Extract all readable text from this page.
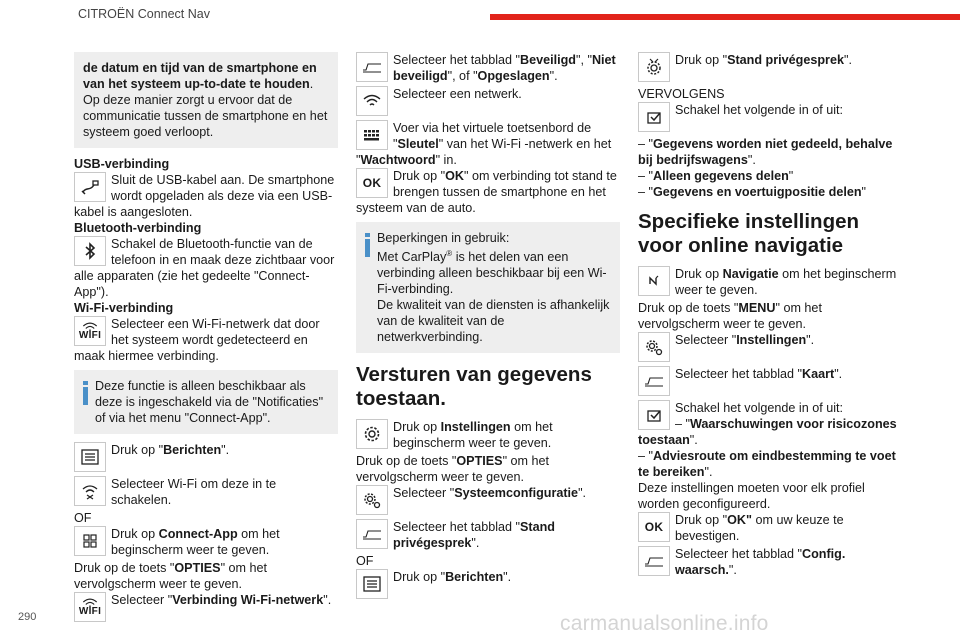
CITROËN Connect Nav
290
de datum en tijd van de smartphone en van het systeem up-to-date te houden. Op deze manier zorgt u ervoor dat de communicatie tussen de smartphone en het systeem goed verloopt.
USB-verbinding
Sluit de USB-kabel aan. De smartphone wordt opgeladen als deze via een USB-kabel is aangesloten.
Bluetooth-verbinding
Schakel de Bluetooth-functie van de telefoon in en maak deze zichtbaar voor alle apparaten (zie het gedeelte "Connect-App").
Wi-Fi-verbinding
WIFI
Selecteer een Wi-Fi-netwerk dat door het systeem wordt gedetecteerd en maak hiermee verbinding.
Deze functie is alleen beschikbaar als deze is ingeschakeld via de "Notificaties" of via het menu "Connect-App".
Druk op "Berichten".
Selecteer Wi-Fi om deze in te schakelen.
OF
Druk op Connect-App om het beginscherm weer te geven.
Druk op de toets "OPTIES" om het vervolgscherm weer te geven.
WIFI
Selecteer "Verbinding Wi-Fi-netwerk".
Selecteer het tabblad "Beveiligd", "Niet beveiligd", of "Opgeslagen".
Selecteer een netwerk.
Voer via het virtuele toetsenbord de "Sleutel" van het Wi-Fi -netwerk en het "Wachtwoord" in.
OK Druk op "OK" om verbinding tot stand te brengen tussen de smartphone en het systeem van de auto.
Beperkingen in gebruik:
Met CarPlay® is het delen van een verbinding alleen beschikbaar bij een Wi-Fi-verbinding.
De kwaliteit van de diensten is afhankelijk van de kwaliteit van de netwerkverbinding.
Versturen van gegevens toestaan.
Druk op Instellingen om het beginscherm weer te geven.
Druk op de toets "OPTIES" om het vervolgscherm weer te geven.
Selecteer "Systeemconfiguratie".
Selecteer het tabblad "Stand privégesprek".
OF
Druk op "Berichten".
Druk op "Stand privégesprek".
VERVOLGENS
Schakel het volgende in of uit:
– "Gegevens worden niet gedeeld, behalve bij bedrijfswagens".
– "Alleen gegevens delen"
– "Gegevens en voertuigpositie delen"
Specifieke instellingen voor online navigatie
Druk op Navigatie om het beginscherm weer te geven.
Druk op de toets "MENU" om het vervolgscherm weer te geven.
Selecteer "Instellingen".
Selecteer het tabblad "Kaart".
Schakel het volgende in of uit:
– "Waarschuwingen voor risicozones toestaan".
– "Adviesroute om eindbestemming te voet te bereiken".
Deze instellingen moeten voor elk profiel worden geconfigureerd.
OK Druk op "OK" om uw keuze te bevestigen.
Selecteer het tabblad "Config. waarsch.".
carmanualsonline.info
